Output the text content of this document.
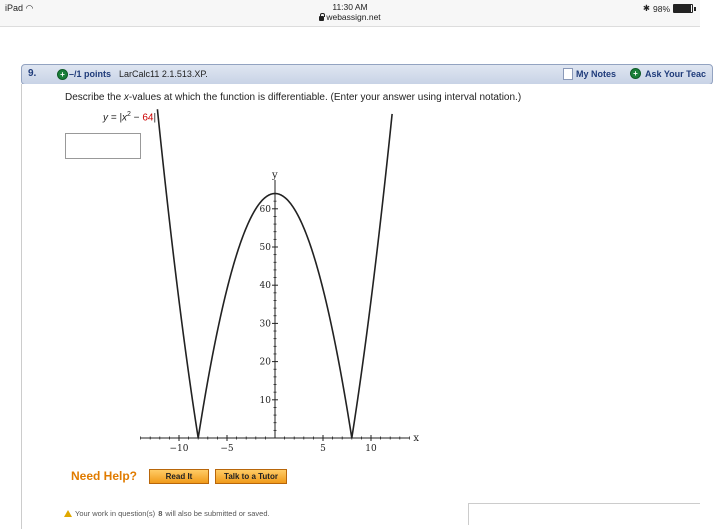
iPad ◠	11:30 AM
webassign.net
✱ 98%
9.	+ –/1 points LarCalc11 2.1.513.XP.	My Notes	+ Ask Your Teac
Describe the x-values at which the function is differentiable. (Enter your answer using interval notation.)
$y = |x^2 - 64|$
−10	−5	5	10
10
20
30
40
50
60
x
y
Need Help?	Read It	Talk to a Tutor
Your work in question(s) 8 will also be submitted or saved.
